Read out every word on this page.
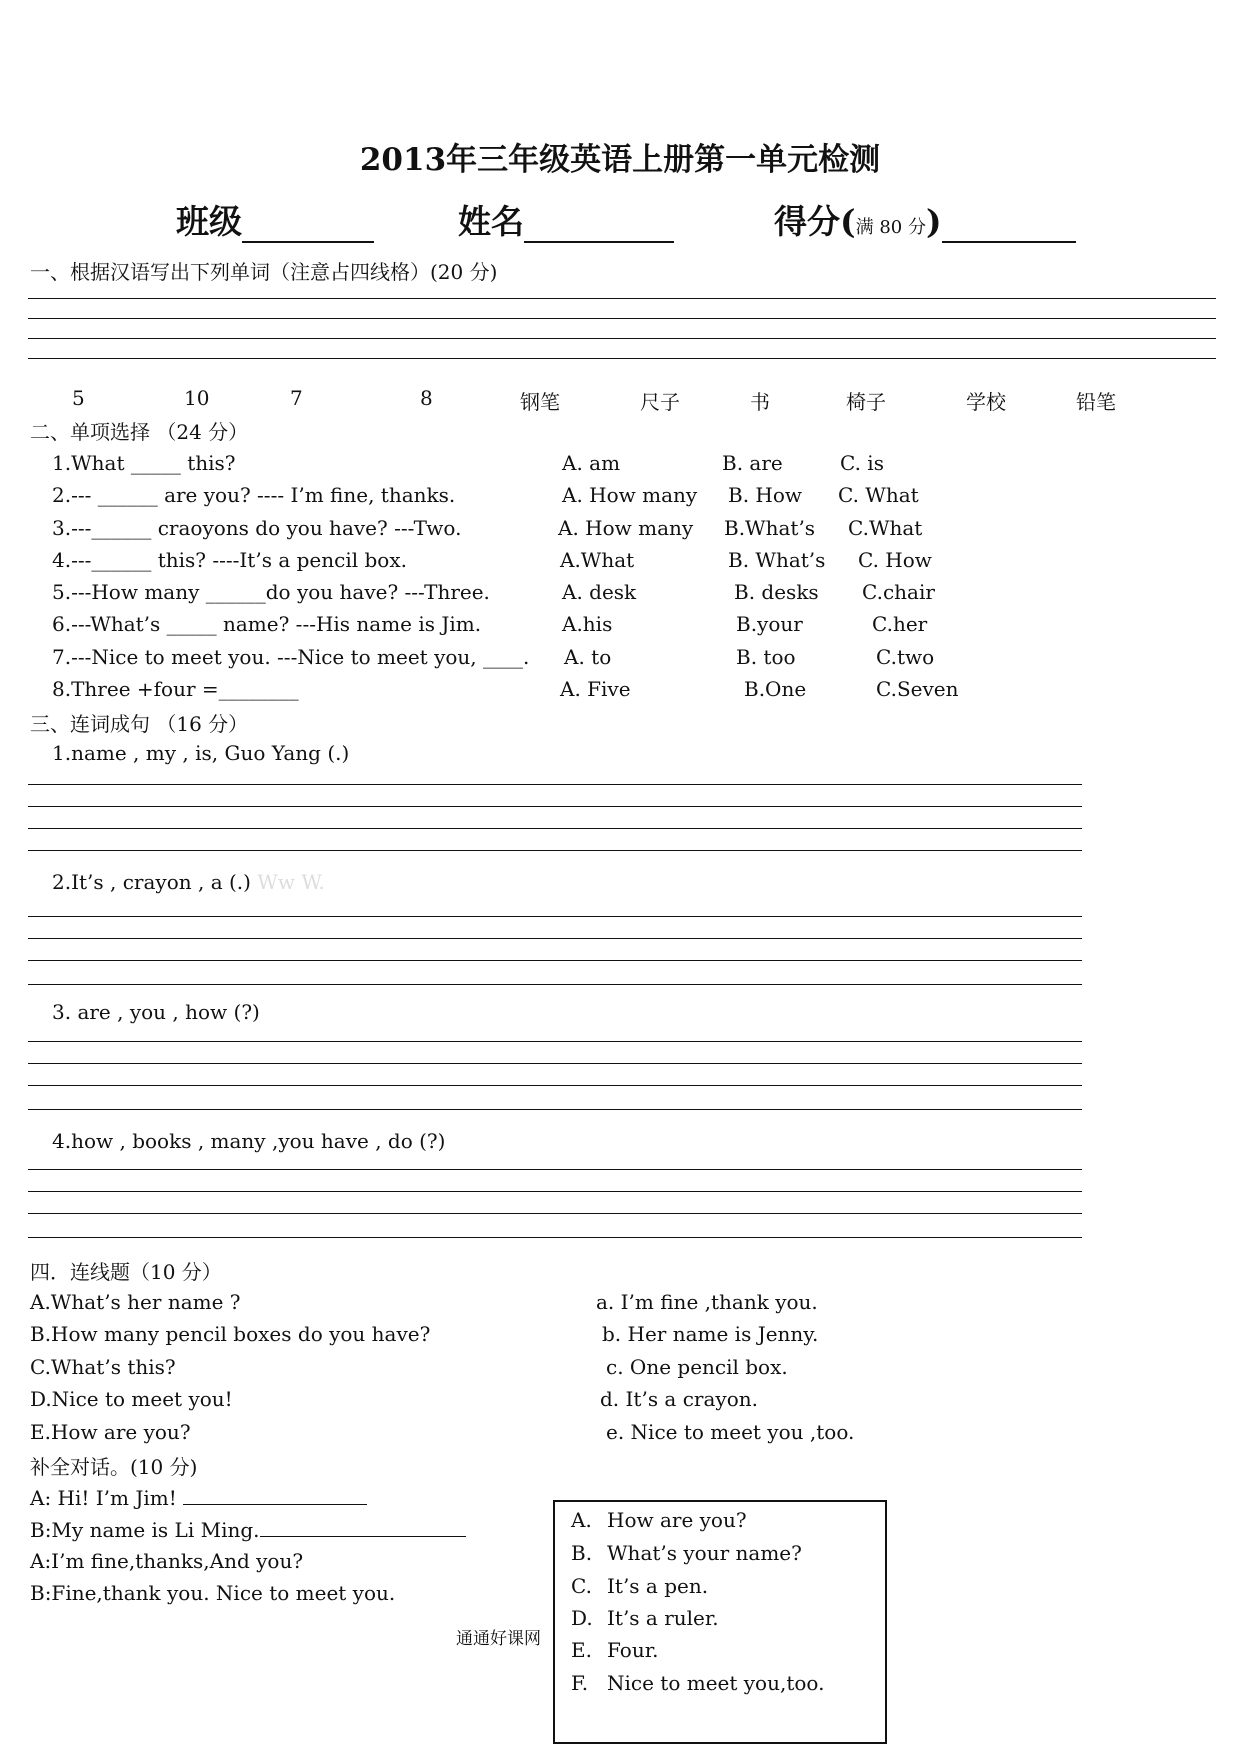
2013年三年级英语上册第一单元检测
班级	姓名	得分(满 80 分)
一、根据汉语写出下列单词（注意占四线格）(20 分)
5	10	7	8	钢笔	尺子	书	椅子	学校	铅笔
二、单项选择 （24 分）
1.What _____ this?	A. am	B. are	C. is
2.--- ______ are you? ---- I’m fine, thanks.	A. How many B. How C. What
3.---______ craoyons do you have? ---Two.	A. How many B.What’s C.What
4.---______ this? ----It’s a pencil box.	A.What	B. What’s C. How
5.---How many ______do you have? ---Three.	A. desk	B. desks C.chair
6.---What’s _____ name? ---His name is Jim.	A.his	B.your	C.her
7.---Nice to meet you. ---Nice to meet you, ____. A. to	B. too	C.two
8.Three +four =________	A. Five	B.One	C.Seven
三、连词成句 （16 分）
1.name , my , is, Guo Yang (.)
2.It’s , crayon , a (.) Ww W.
3. are , you , how (?)
4.how , books , many ,you have , do (?)
四．连线题（10 分）
A.What’s her name ?
B.How many pencil boxes do you have?
C.What’s this?
D.Nice to meet you!
E.How are you?
a. I’m fine ,thank you.
b. Her name is Jenny.
c. One pencil box.
d. It’s a crayon.
e. Nice to meet you ,too.
补全对话。(10 分)
A: Hi! I’m Jim!
B:My name is Li Ming.
A:I’m fine,thanks,And you?
B:Fine,thank you. Nice to meet you.
A. How are you?
B. What’s your name?
C. It’s a pen.
D. It’s a ruler.
E. Four.
F. Nice to meet you,too.
通通好课网
